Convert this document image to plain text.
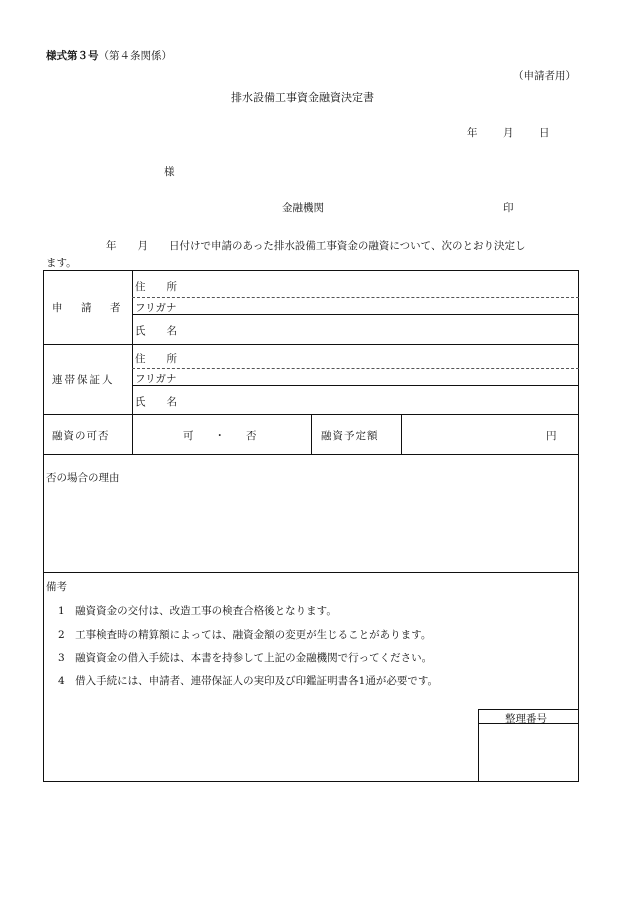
様式第３号（第４条関係）
（申請者用）
排水設備工事資金融資決定書
年 月 日
様
金融機関	印
年　　月　　日付けで申請のあった排水設備工事資金の融資について、次のとおり決定し
ます。
申　請　者
住　　所
フリガナ
氏　　名
連帯保証人
住　　所
フリガナ
氏　　名
融資の可否	可　　・　　否	融資予定額	円
否の場合の理由
備考
1　融資資金の交付は、改造工事の検査合格後となります。
2　工事検査時の精算額によっては、融資金額の変更が生じることがあります。
3　融資資金の借入手続は、本書を持参して上記の金融機関で行ってください。
4　借入手続には、申請者、連帯保証人の実印及び印鑑証明書各1通が必要です。
整理番号
